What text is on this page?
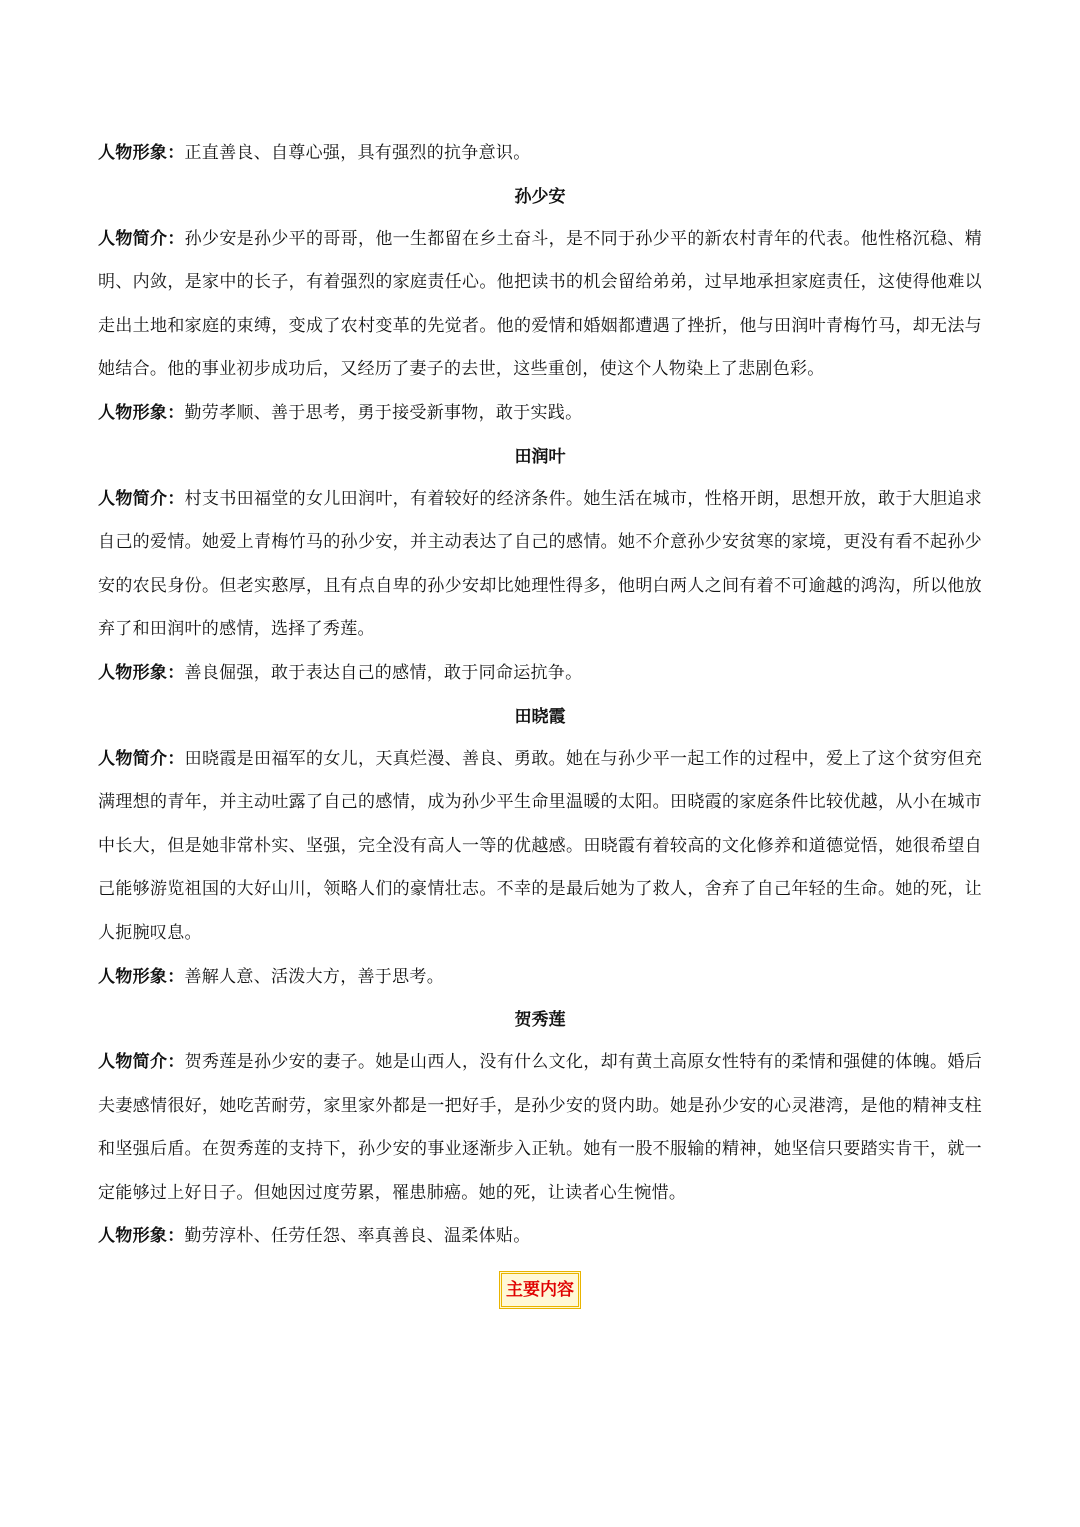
人物形象：正直善良、自尊心强，具有强烈的抗争意识。

孙少安

人物简介：孙少安是孙少平的哥哥，他一生都留在乡土奋斗，是不同于孙少平的新农村青年的代表。他性格沉稳、精明、内敛，是家中的长子，有着强烈的家庭责任心。他把读书的机会留给弟弟，过早地承担家庭责任，这使得他难以走出土地和家庭的束缚，变成了农村变革的先觉者。他的爱情和婚姻都遭遇了挫折，他与田润叶青梅竹马，却无法与她结合。他的事业初步成功后，又经历了妻子的去世，这些重创，使这个人物染上了悲剧色彩。

人物形象：勤劳孝顺、善于思考，勇于接受新事物，敢于实践。

田润叶

人物简介：村支书田福堂的女儿田润叶，有着较好的经济条件。她生活在城市，性格开朗，思想开放，敢于大胆追求自己的爱情。她爱上青梅竹马的孙少安，并主动表达了自己的感情。她不介意孙少安贫寒的家境，更没有看不起孙少安的农民身份。但老实憨厚，且有点自卑的孙少安却比她理性得多，他明白两人之间有着不可逾越的鸿沟，所以他放弃了和田润叶的感情，选择了秀莲。

人物形象：善良倔强，敢于表达自己的感情，敢于同命运抗争。

田晓霞

人物简介：田晓霞是田福军的女儿，天真烂漫、善良、勇敢。她在与孙少平一起工作的过程中，爱上了这个贫穷但充满理想的青年，并主动吐露了自己的感情，成为孙少平生命里温暖的太阳。田晓霞的家庭条件比较优越，从小在城市中长大，但是她非常朴实、坚强，完全没有高人一等的优越感。田晓霞有着较高的文化修养和道德觉悟，她很希望自己能够游览祖国的大好山川，领略人们的豪情壮志。不幸的是最后她为了救人，舍弃了自己年轻的生命。她的死，让人扼腕叹息。

人物形象：善解人意、活泼大方，善于思考。

贺秀莲

人物简介：贺秀莲是孙少安的妻子。她是山西人，没有什么文化，却有黄土高原女性特有的柔情和强健的体魄。婚后夫妻感情很好，她吃苦耐劳，家里家外都是一把好手，是孙少安的贤内助。她是孙少安的心灵港湾，是他的精神支柱和坚强后盾。在贺秀莲的支持下，孙少安的事业逐渐步入正轨。她有一股不服输的精神，她坚信只要踏实肯干，就一定能够过上好日子。但她因过度劳累，罹患肺癌。她的死，让读者心生惋惜。

人物形象：勤劳淳朴、任劳任怨、率真善良、温柔体贴。

主要内容
